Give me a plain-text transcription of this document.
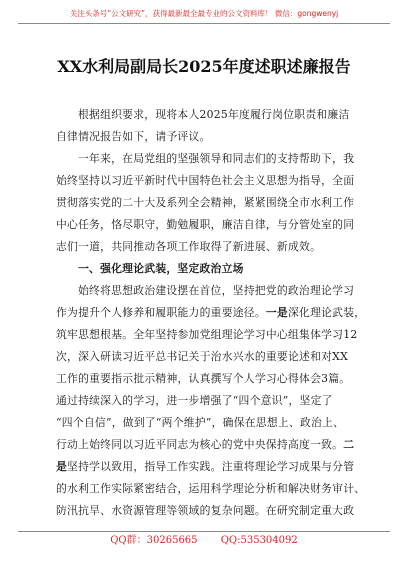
关注头条号“公文研究”，获得最新最全最专业的公文资料库！ 微信：gongwenyj
XX水利局副局长2025年度述职述廉报告
根据组织要求，现将本人2025年度履行岗位职责和廉洁
自律情况报告如下，请予评议。
一年来，在局党组的坚强领导和同志们的支持帮助下，我
始终坚持以习近平新时代中国特色社会主义思想为指导，全面
贯彻落实党的二十大及系列全会精神，紧紧围绕全市水利工作
中心任务，恪尽职守，勤勉履职，廉洁自律，与分管处室的同
志们一道，共同推动各项工作取得了新进展、新成效。
一、强化理论武装，坚定政治立场
始终将思想政治建设摆在首位，坚持把党的政治理论学习
作为提升个人修养和履职能力的重要途径。一是深化理论武装，
筑牢思想根基。全年坚持参加党组理论学习中心组集体学习12
次，深入研读习近平总书记关于治水兴水的重要论述和对XX
工作的重要指示批示精神，认真撰写个人学习心得体会3篇。
通过持续深入的学习，进一步增强了“四个意识”，坚定了
“四个自信”，做到了“两个维护”，确保在思想上、政治上、
行动上始终同以习近平同志为核心的党中央保持高度一致。二
是坚持学以致用，指导工作实践。注重将理论学习成果与分管
的水利工作实际紧密结合，运用科学理论分析和解决财务审计、
防汛抗旱、水资源管理等领域的复杂问题。在研究制定重大政
QQ群：30265665 QQ:535304092
